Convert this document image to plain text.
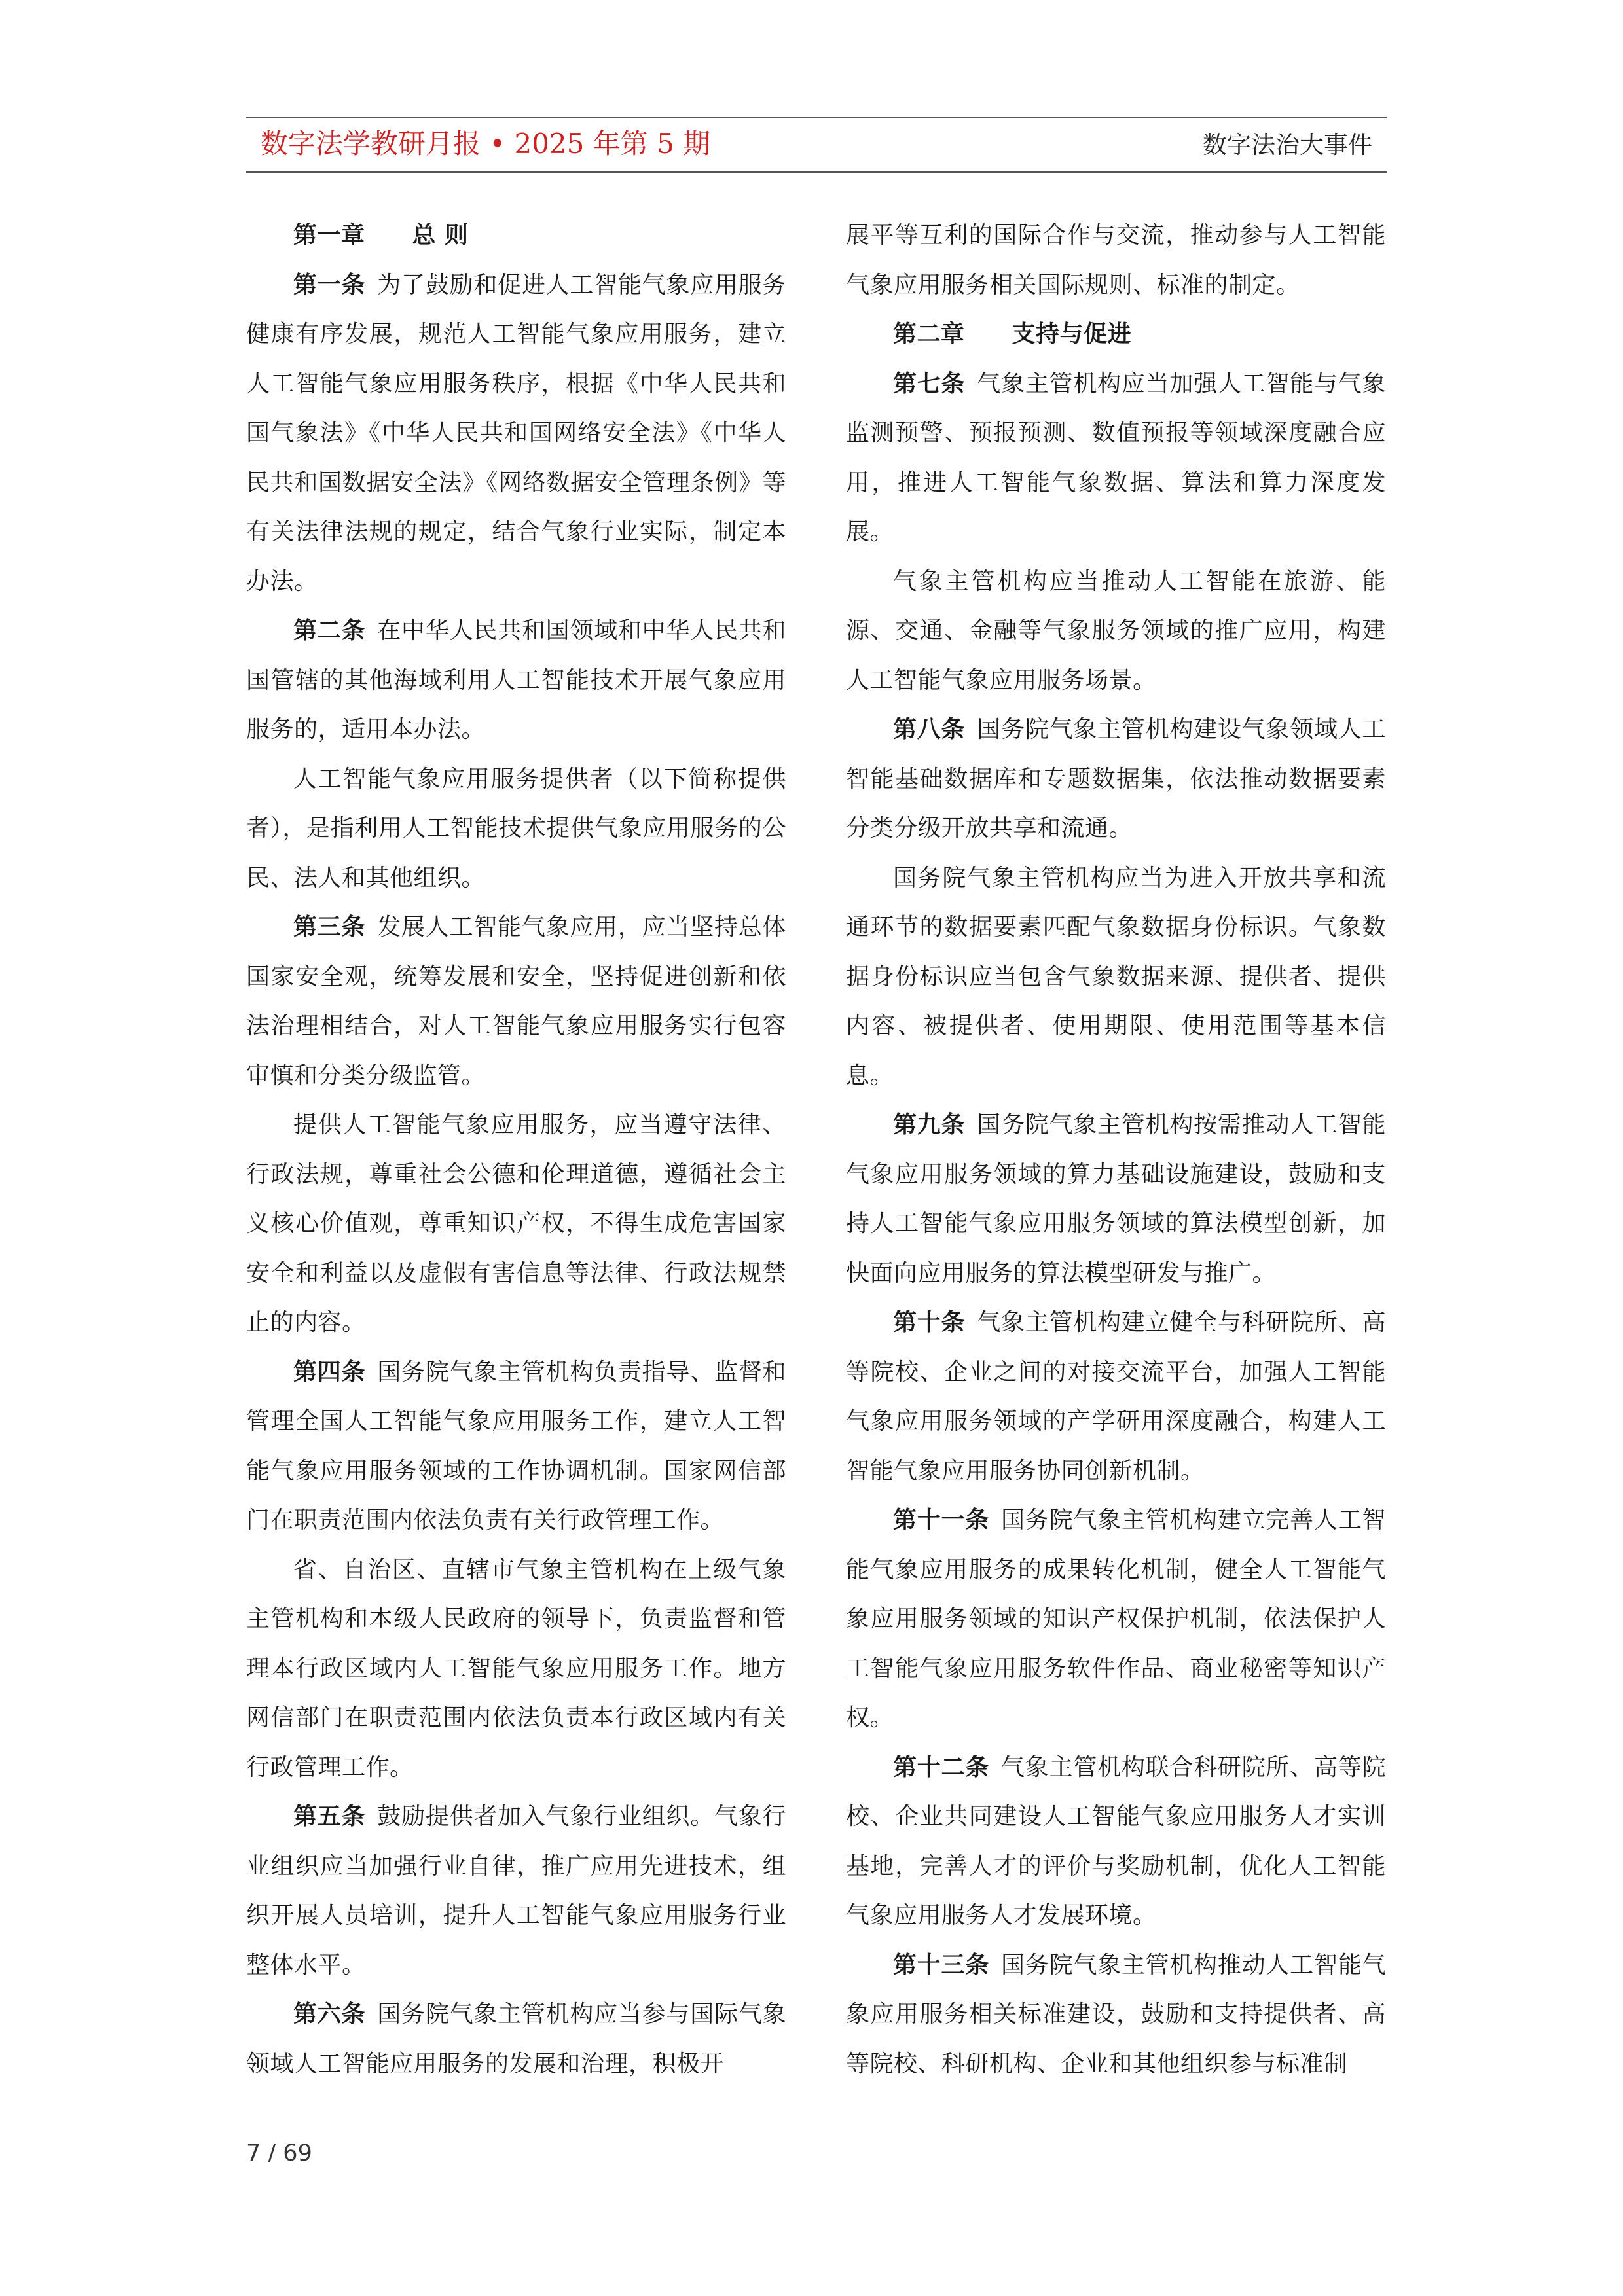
数字法学教研月报 • 2025 年第 5 期	数字法治大事件

第一章 总 则

第一条 为了鼓励和促进人工智能气象应用服务健康有序发展，规范人工智能气象应用服务，建立人工智能气象应用服务秩序，根据《中华人民共和国气象法》《中华人民共和国网络安全法》《中华人民共和国数据安全法》《网络数据安全管理条例》等有关法律法规的规定，结合气象行业实际，制定本办法。

第二条 在中华人民共和国领域和中华人民共和国管辖的其他海域利用人工智能技术开展气象应用服务的，适用本办法。

人工智能气象应用服务提供者（以下简称提供者），是指利用人工智能技术提供气象应用服务的公民、法人和其他组织。

第三条 发展人工智能气象应用，应当坚持总体国家安全观，统筹发展和安全，坚持促进创新和依法治理相结合，对人工智能气象应用服务实行包容审慎和分类分级监管。

提供人工智能气象应用服务，应当遵守法律、行政法规，尊重社会公德和伦理道德，遵循社会主义核心价值观，尊重知识产权，不得生成危害国家安全和利益以及虚假有害信息等法律、行政法规禁止的内容。

第四条 国务院气象主管机构负责指导、监督和管理全国人工智能气象应用服务工作，建立人工智能气象应用服务领域的工作协调机制。国家网信部门在职责范围内依法负责有关行政管理工作。

省、自治区、直辖市气象主管机构在上级气象主管机构和本级人民政府的领导下，负责监督和管理本行政区域内人工智能气象应用服务工作。地方网信部门在职责范围内依法负责本行政区域内有关行政管理工作。

第五条 鼓励提供者加入气象行业组织。气象行业组织应当加强行业自律，推广应用先进技术，组织开展人员培训，提升人工智能气象应用服务行业整体水平。

第六条 国务院气象主管机构应当参与国际气象领域人工智能应用服务的发展和治理，积极开

展平等互利的国际合作与交流，推动参与人工智能气象应用服务相关国际规则、标准的制定。

第二章 支持与促进

第七条 气象主管机构应当加强人工智能与气象监测预警、预报预测、数值预报等领域深度融合应用，推进人工智能气象数据、算法和算力深度发展。

气象主管机构应当推动人工智能在旅游、能源、交通、金融等气象服务领域的推广应用，构建人工智能气象应用服务场景。

第八条 国务院气象主管机构建设气象领域人工智能基础数据库和专题数据集，依法推动数据要素分类分级开放共享和流通。

国务院气象主管机构应当为进入开放共享和流通环节的数据要素匹配气象数据身份标识。气象数据身份标识应当包含气象数据来源、提供者、提供内容、被提供者、使用期限、使用范围等基本信息。

第九条 国务院气象主管机构按需推动人工智能气象应用服务领域的算力基础设施建设，鼓励和支持人工智能气象应用服务领域的算法模型创新，加快面向应用服务的算法模型研发与推广。

第十条 气象主管机构建立健全与科研院所、高等院校、企业之间的对接交流平台，加强人工智能气象应用服务领域的产学研用深度融合，构建人工智能气象应用服务协同创新机制。

第十一条 国务院气象主管机构建立完善人工智能气象应用服务的成果转化机制，健全人工智能气象应用服务领域的知识产权保护机制，依法保护人工智能气象应用服务软件作品、商业秘密等知识产权。

第十二条 气象主管机构联合科研院所、高等院校、企业共同建设人工智能气象应用服务人才实训基地，完善人才的评价与奖励机制，优化人工智能气象应用服务人才发展环境。

第十三条 国务院气象主管机构推动人工智能气象应用服务相关标准建设，鼓励和支持提供者、高等院校、科研机构、企业和其他组织参与标准制

7 / 69
